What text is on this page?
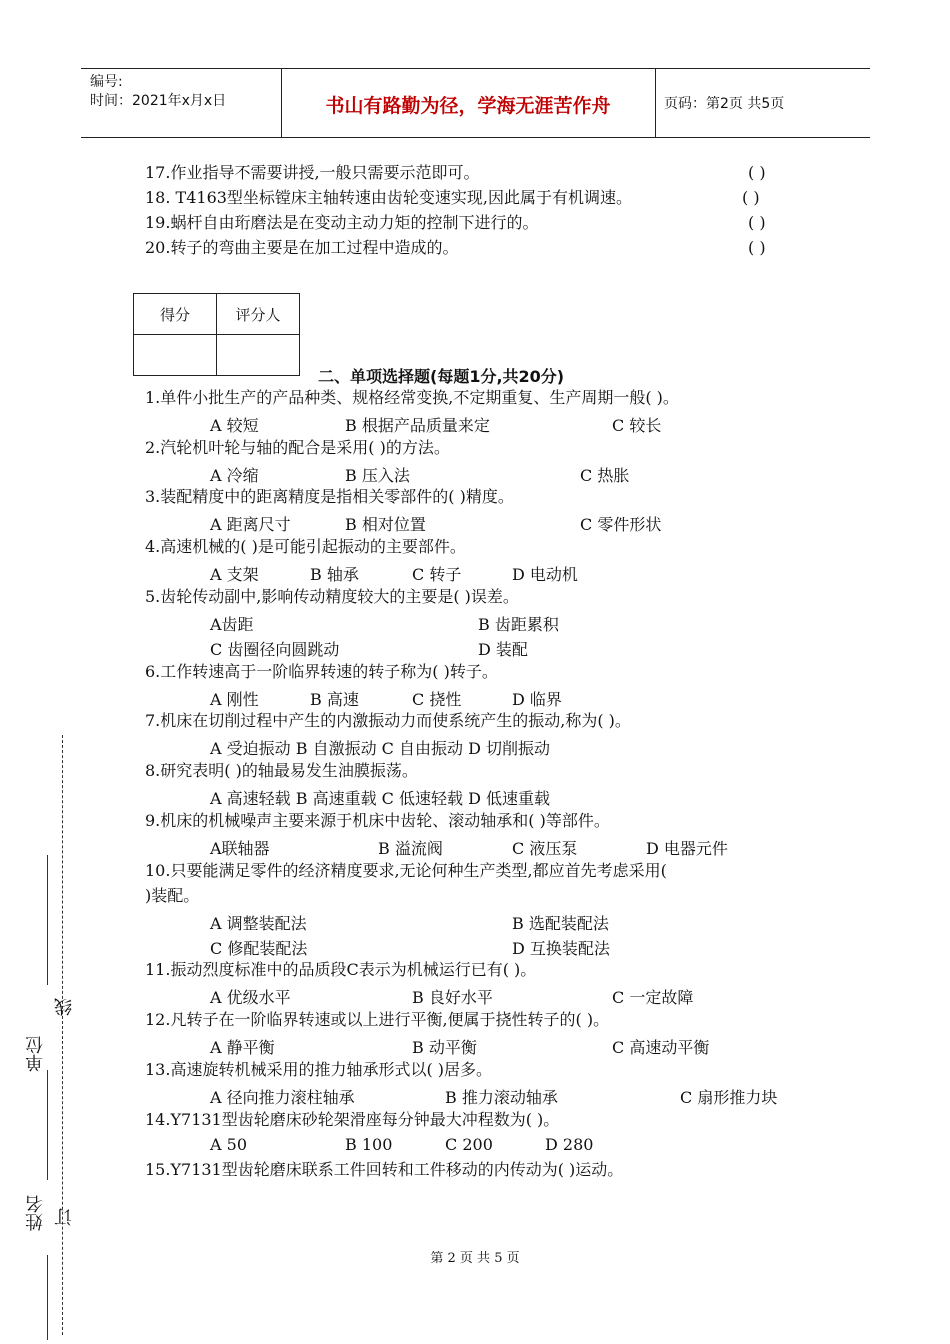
编号:
时间：2021年x月x日	书山有路勤为径，学海无涯苦作舟	页码：第2页 共5页
17.作业指导不需要讲授,一般只需要示范即可。	( )
18. T4163型坐标镗床主轴转速由齿轮变速实现,因此属于有机调速。	( )
19.蜗杆自由珩磨法是在变动主动力矩的控制下进行的。	( )
20.转子的弯曲主要是在加工过程中造成的。	( )
得分	评分人

二、单项选择题(每题1分,共20分)
1.单件小批生产的产品种类、规格经常变换,不定期重复、生产周期一般( )。
A 较短	B 根据产品质量来定	C 较长
2.汽轮机叶轮与轴的配合是采用( )的方法。
A 冷缩	B 压入法	C 热胀
3.装配精度中的距离精度是指相关零部件的( )精度。
A 距离尺寸	B 相对位置	C 零件形状
4.高速机械的( )是可能引起振动的主要部件。
A 支架	B 轴承	C 转子	D 电动机
5.齿轮传动副中,影响传动精度较大的主要是( )误差。
A齿距	B 齿距累积
C 齿圈径向圆跳动	D 装配
6.工作转速高于一阶临界转速的转子称为( )转子。
A 刚性	B 高速	C 挠性	D 临界
7.机床在切削过程中产生的内激振动力而使系统产生的振动,称为( )。
A 受迫振动 B 自激振动 C 自由振动 D 切削振动
8.研究表明( )的轴最易发生油膜振荡。
A 高速轻载 B 高速重载 C 低速轻载 D 低速重载
9.机床的机械噪声主要来源于机床中齿轮、滚动轴承和( )等部件。
A联轴器	B 溢流阀	C 液压泵	D 电器元件
10.只要能满足零件的经济精度要求,无论何种生产类型,都应首先考虑采用(
)装配。
A 调整装配法	B 选配装配法
C 修配装配法	D 互换装配法
11.振动烈度标准中的品质段C表示为机械运行已有( )。
A 优级水平	B 良好水平	C 一定故障
12.凡转子在一阶临界转速或以上进行平衡,便属于挠性转子的( )。
A 静平衡	B 动平衡	C 高速动平衡
13.高速旋转机械采用的推力轴承形式以( )居多。
A 径向推力滚柱轴承	B 推力滚动轴承	C 扇形推力块
14.Y7131型齿轮磨床砂轮架滑座每分钟最大冲程数为( )。
A 50	B 100	C 200	D 280
15.Y7131型齿轮磨床联系工件回转和工件移动的内传动为( )运动。
单位
线
姓名 订
第 2 页 共 5 页
